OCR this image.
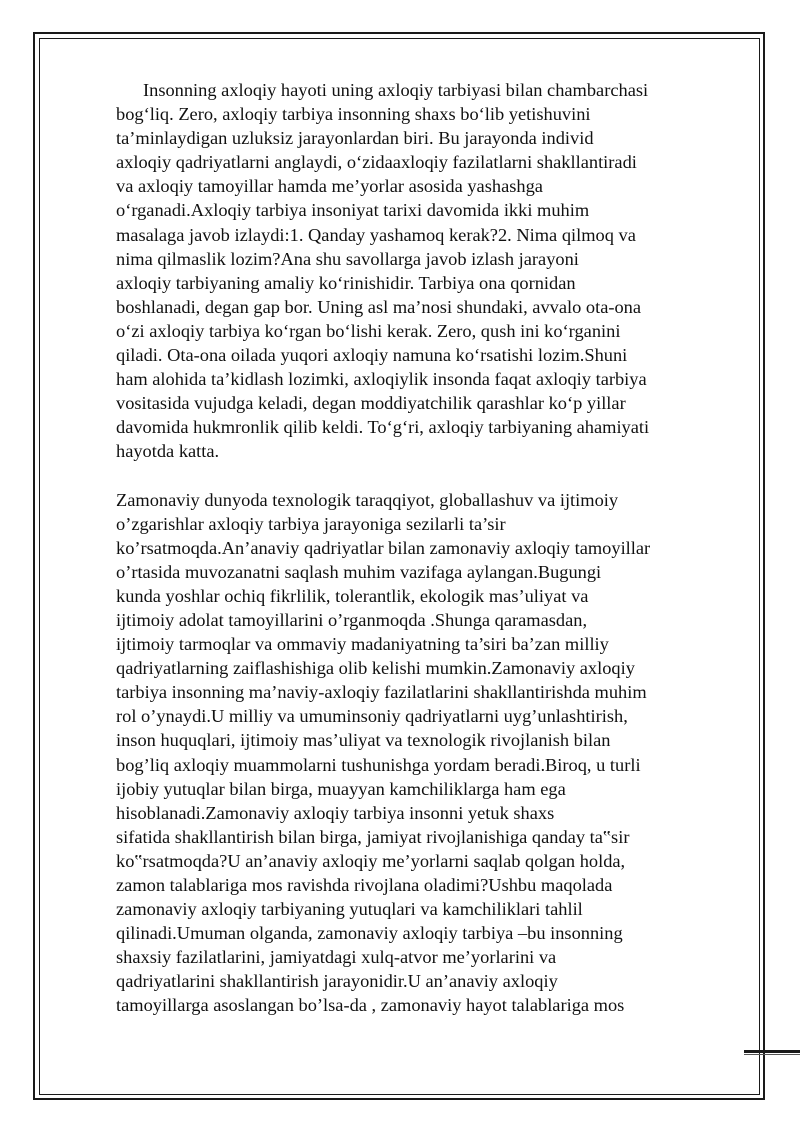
Insonning axloqiy hayoti uning axloqiy tarbiyasi bilan chambarchasi
bog‘liq. Zero, axloqiy tarbiya insonning shaxs bo‘lib yetishuvini
ta’minlaydigan uzluksiz jarayonlardan biri. Bu jarayonda individ
axloqiy qadriyatlarni anglaydi, o‘zidaaxloqiy fazilatlarni shakllantiradi
va axloqiy tamoyillar hamda me’yorlar asosida yashashga
o‘rganadi.Axloqiy tarbiya insoniyat tarixi davomida ikki muhim
masalaga javob izlaydi:1. Qanday yashamoq kerak?2. Nima qilmoq va
nima qilmaslik lozim?Ana shu savollarga javob izlash jarayoni
axloqiy tarbiyaning amaliy ko‘rinishidir. Tarbiya ona qornidan
boshlanadi, degan gap bor. Uning asl ma’nosi shundaki, avvalo ota-ona
o‘zi axloqiy tarbiya ko‘rgan bo‘lishi kerak. Zero, qush ini ko‘rganini
qiladi. Ota-ona oilada yuqori axloqiy namuna ko‘rsatishi lozim.Shuni
ham alohida ta’kidlash lozimki, axloqiylik insonda faqat axloqiy tarbiya
vositasida vujudga keladi, degan moddiyatchilik qarashlar ko‘p yillar
davomida hukmronlik qilib keldi. To‘g‘ri, axloqiy tarbiyaning ahamiyati
hayotda katta.
Zamonaviy dunyoda texnologik taraqqiyot, globallashuv va ijtimoiy
o’zgarishlar axloqiy tarbiya jarayoniga sezilarli ta’sir
ko’rsatmoqda.An’anaviy qadriyatlar bilan zamonaviy axloqiy tamoyillar
o’rtasida muvozanatni saqlash muhim vazifaga aylangan.Bugungi
kunda yoshlar ochiq fikrlilik, tolerantlik, ekologik mas’uliyat va
ijtimoiy adolat tamoyillarini o’rganmoqda .Shunga qaramasdan,
ijtimoiy tarmoqlar va ommaviy madaniyatning ta’siri ba’zan milliy
qadriyatlarning zaiflashishiga olib kelishi mumkin.Zamonaviy axloqiy
tarbiya insonning ma’naviy-axloqiy fazilatlarini shakllantirishda muhim
rol o’ynaydi.U milliy va umuminsoniy qadriyatlarni uyg’unlashtirish,
inson huquqlari, ijtimoiy mas’uliyat va texnologik rivojlanish bilan
bog’liq axloqiy muammolarni tushunishga yordam beradi.Biroq, u turli
ijobiy yutuqlar bilan birga, muayyan kamchiliklarga ham ega
hisoblanadi.Zamonaviy axloqiy tarbiya insonni yetuk shaxs
sifatida shakllantirish bilan birga, jamiyat rivojlanishiga qanday ta‟sir
ko‟rsatmoqda?U an’anaviy axloqiy me’yorlarni saqlab qolgan holda,
zamon talablariga mos ravishda rivojlana oladimi?Ushbu maqolada
zamonaviy axloqiy tarbiyaning yutuqlari va kamchiliklari tahlil
qilinadi.Umuman olganda, zamonaviy axloqiy tarbiya –bu insonning
shaxsiy fazilatlarini, jamiyatdagi xulq-atvor me’yorlarini va
qadriyatlarini shakllantirish jarayonidir.U an’anaviy axloqiy
tamoyillarga asoslangan bo’lsa-da , zamonaviy hayot talablariga mos
